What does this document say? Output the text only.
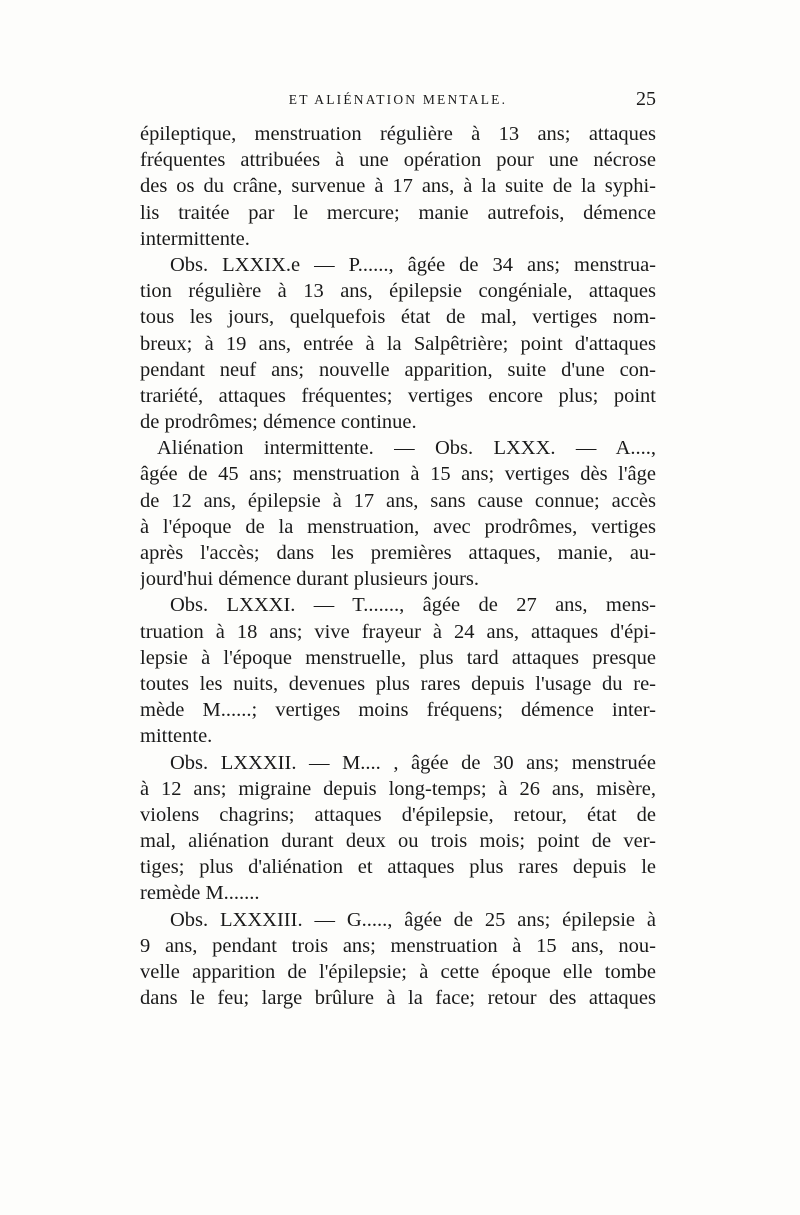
ET ALIÉNATION MENTALE.	25
épileptique, menstruation régulière à 13 ans; attaques
fréquentes attribuées à une opération pour une nécrose
des os du crâne, survenue à 17 ans, à la suite de la syphi-
lis traitée par le mercure; manie autrefois, démence
intermittente.
Obs. LXXIX.e — P......, âgée de 34 ans; menstrua-
tion régulière à 13 ans, épilepsie congéniale, attaques
tous les jours, quelquefois état de mal, vertiges nom-
breux; à 19 ans, entrée à la Salpêtrière; point d'attaques
pendant neuf ans; nouvelle apparition, suite d'une con-
trariété, attaques fréquentes; vertiges encore plus; point
de prodrômes; démence continue.
Aliénation intermittente. — Obs. LXXX. — A....,
âgée de 45 ans; menstruation à 15 ans; vertiges dès l'âge
de 12 ans, épilepsie à 17 ans, sans cause connue; accès
à l'époque de la menstruation, avec prodrômes, vertiges
après l'accès; dans les premières attaques, manie, au-
jourd'hui démence durant plusieurs jours.
Obs. LXXXI. — T......., âgée de 27 ans, mens-
truation à 18 ans; vive frayeur à 24 ans, attaques d'épi-
lepsie à l'époque menstruelle, plus tard attaques presque
toutes les nuits, devenues plus rares depuis l'usage du re-
mède M......; vertiges moins fréquens; démence inter-
mittente.
Obs. LXXXII. — M.... , âgée de 30 ans; menstruée
à 12 ans; migraine depuis long-temps; à 26 ans, misère,
violens chagrins; attaques d'épilepsie, retour, état de
mal, aliénation durant deux ou trois mois; point de ver-
tiges; plus d'aliénation et attaques plus rares depuis le
remède M.......
Obs. LXXXIII. — G....., âgée de 25 ans; épilepsie à
9 ans, pendant trois ans; menstruation à 15 ans, nou-
velle apparition de l'épilepsie; à cette époque elle tombe
dans le feu; large brûlure à la face; retour des attaques
